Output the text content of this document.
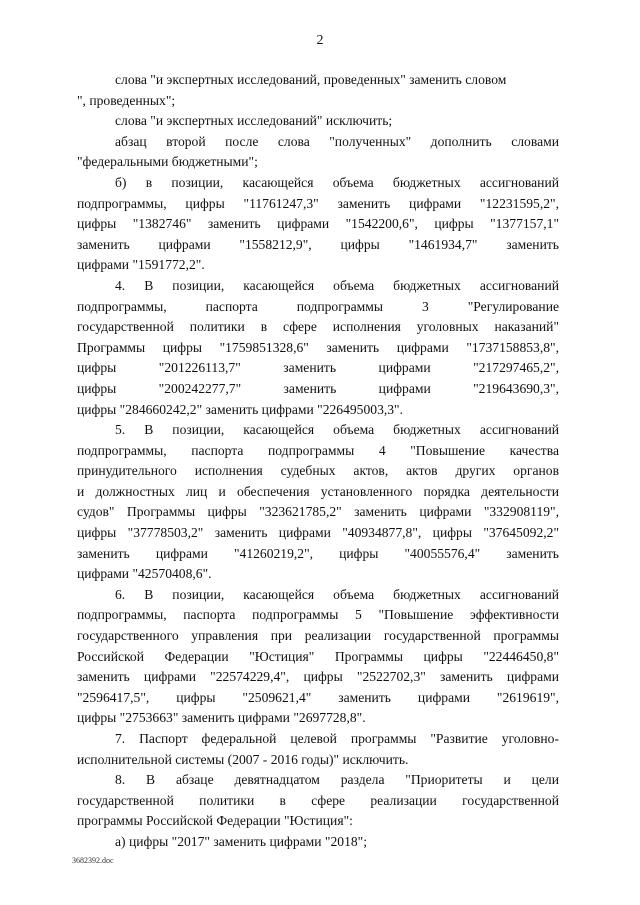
2
слова "и экспертных исследований, проведенных" заменить словом
", проведенных";
слова "и экспертных исследований" исключить;
абзац второй после слова "полученных" дополнить словами
"федеральными бюджетными";
б) в позиции, касающейся объема бюджетных ассигнований
подпрограммы, цифры "11761247,3" заменить цифрами "12231595,2",
цифры "1382746" заменить цифрами "1542200,6", цифры "1377157,1"
заменить цифрами "1558212,9", цифры "1461934,7" заменить
цифрами "1591772,2".
4. В позиции, касающейся объема бюджетных ассигнований
подпрограммы, паспорта подпрограммы 3 "Регулирование
государственной политики в сфере исполнения уголовных наказаний"
Программы цифры "1759851328,6" заменить цифрами "1737158853,8",
цифры "201226113,7" заменить цифрами "217297465,2",
цифры "200242277,7" заменить цифрами "219643690,3",
цифры "284660242,2" заменить цифрами "226495003,3".
5. В позиции, касающейся объема бюджетных ассигнований
подпрограммы, паспорта подпрограммы 4 "Повышение качества
принудительного исполнения судебных актов, актов других органов
и должностных лиц и обеспечения установленного порядка деятельности
судов" Программы цифры "323621785,2" заменить цифрами "332908119",
цифры "37778503,2" заменить цифрами "40934877,8", цифры "37645092,2"
заменить цифрами "41260219,2", цифры "40055576,4" заменить
цифрами "42570408,6".
6. В позиции, касающейся объема бюджетных ассигнований
подпрограммы, паспорта подпрограммы 5 "Повышение эффективности
государственного управления при реализации государственной программы
Российской Федерации "Юстиция" Программы цифры "22446450,8"
заменить цифрами "22574229,4", цифры "2522702,3" заменить цифрами
"2596417,5", цифры "2509621,4" заменить цифрами "2619619",
цифры "2753663" заменить цифрами "2697728,8".
7. Паспорт федеральной целевой программы "Развитие уголовно-
исполнительной системы (2007 - 2016 годы)" исключить.
8. В абзаце девятнадцатом раздела "Приоритеты и цели
государственной политики в сфере реализации государственной
программы Российской Федерации "Юстиция":
а) цифры "2017" заменить цифрами "2018";
3682392.doc
